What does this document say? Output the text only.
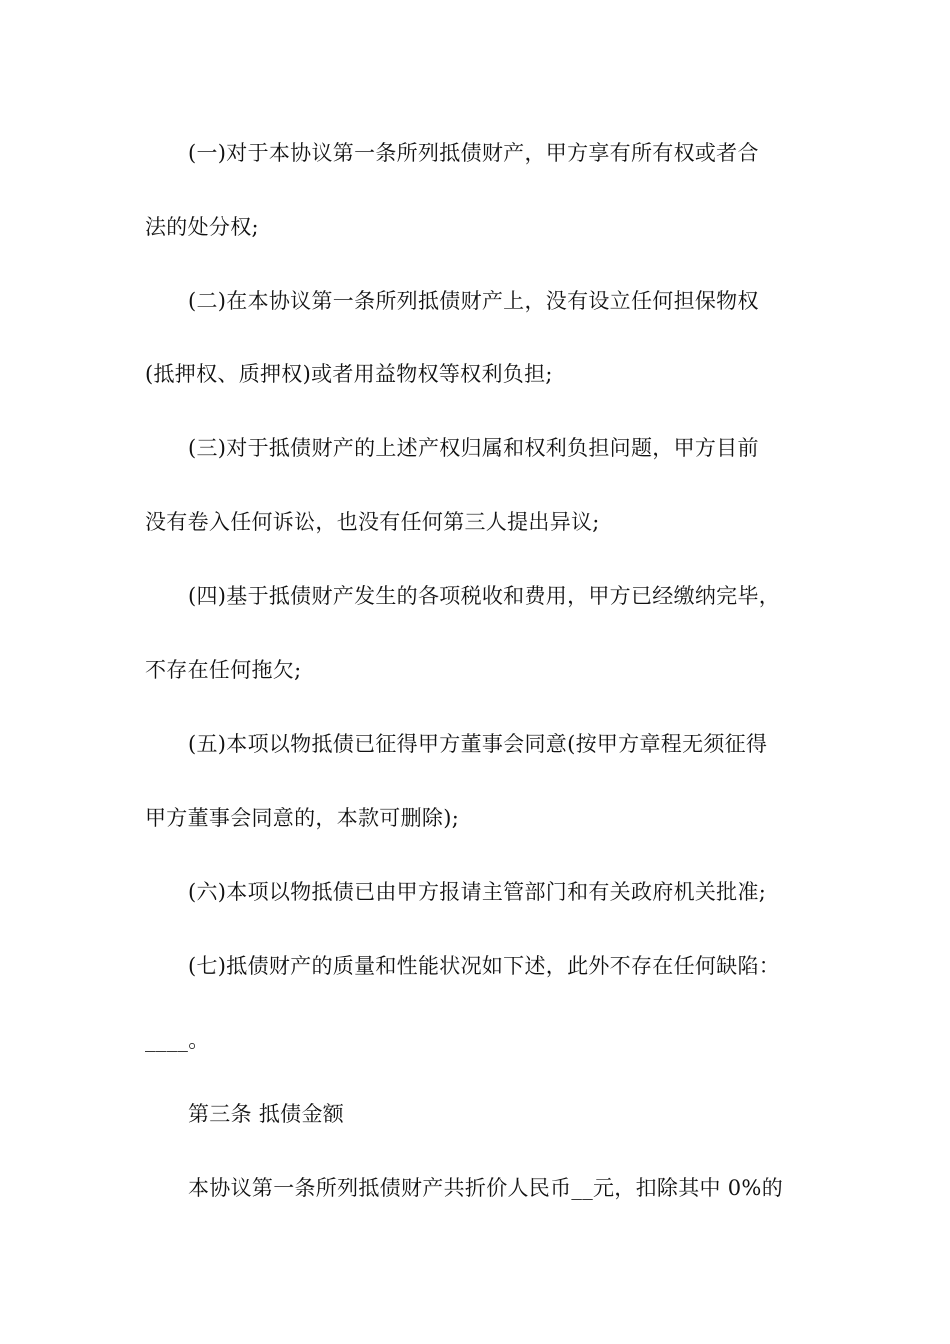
(一)对于本协议第一条所列抵债财产，甲方享有所有权或者合
法的处分权;
(二)在本协议第一条所列抵债财产上，没有设立任何担保物权
(抵押权、质押权)或者用益物权等权利负担;
(三)对于抵债财产的上述产权归属和权利负担问题，甲方目前
没有卷入任何诉讼，也没有任何第三人提出异议;
(四)基于抵债财产发生的各项税收和费用，甲方已经缴纳完毕，
不存在任何拖欠;
(五)本项以物抵债已征得甲方董事会同意(按甲方章程无须征得
甲方董事会同意的，本款可删除);
(六)本项以物抵债已由甲方报请主管部门和有关政府机关批准;
(七)抵债财产的质量和性能状况如下述，此外不存在任何缺陷：
____。
第三条 抵债金额
本协议第一条所列抵债财产共折价人民币__元，扣除其中 0%的
